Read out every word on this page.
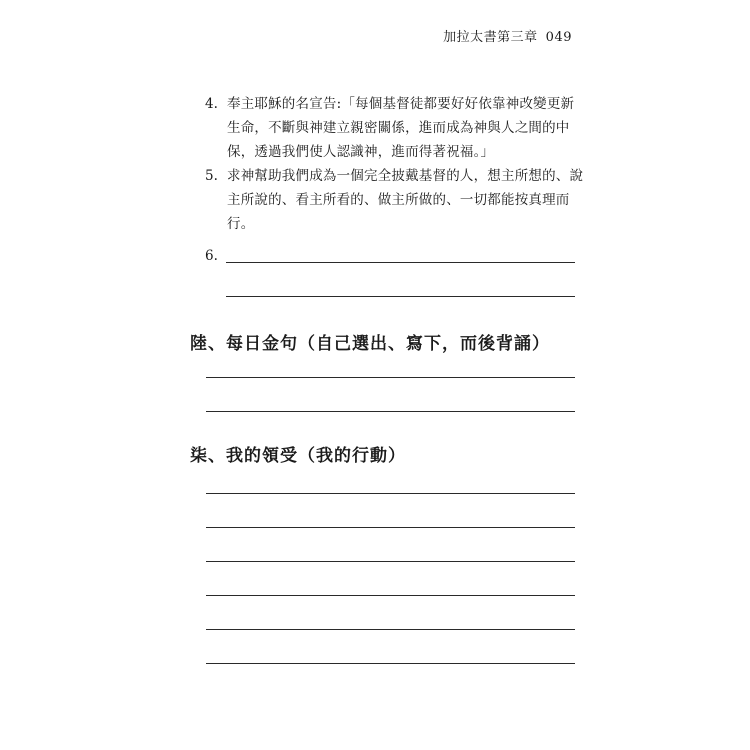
加拉太書第三章 049
4. 奉主耶穌的名宣告:「每個基督徒都要好好依靠神改變更新生命，不斷與神建立親密關係，進而成為神與人之間的中保，透過我們使人認識神，進而得著祝福。」
5. 求神幫助我們成為一個完全披戴基督的人，想主所想的、說主所說的、看主所看的、做主所做的、一切都能按真理而行。
6.
陸、每日金句（自己選出、寫下，而後背誦）
柒、我的領受（我的行動）
